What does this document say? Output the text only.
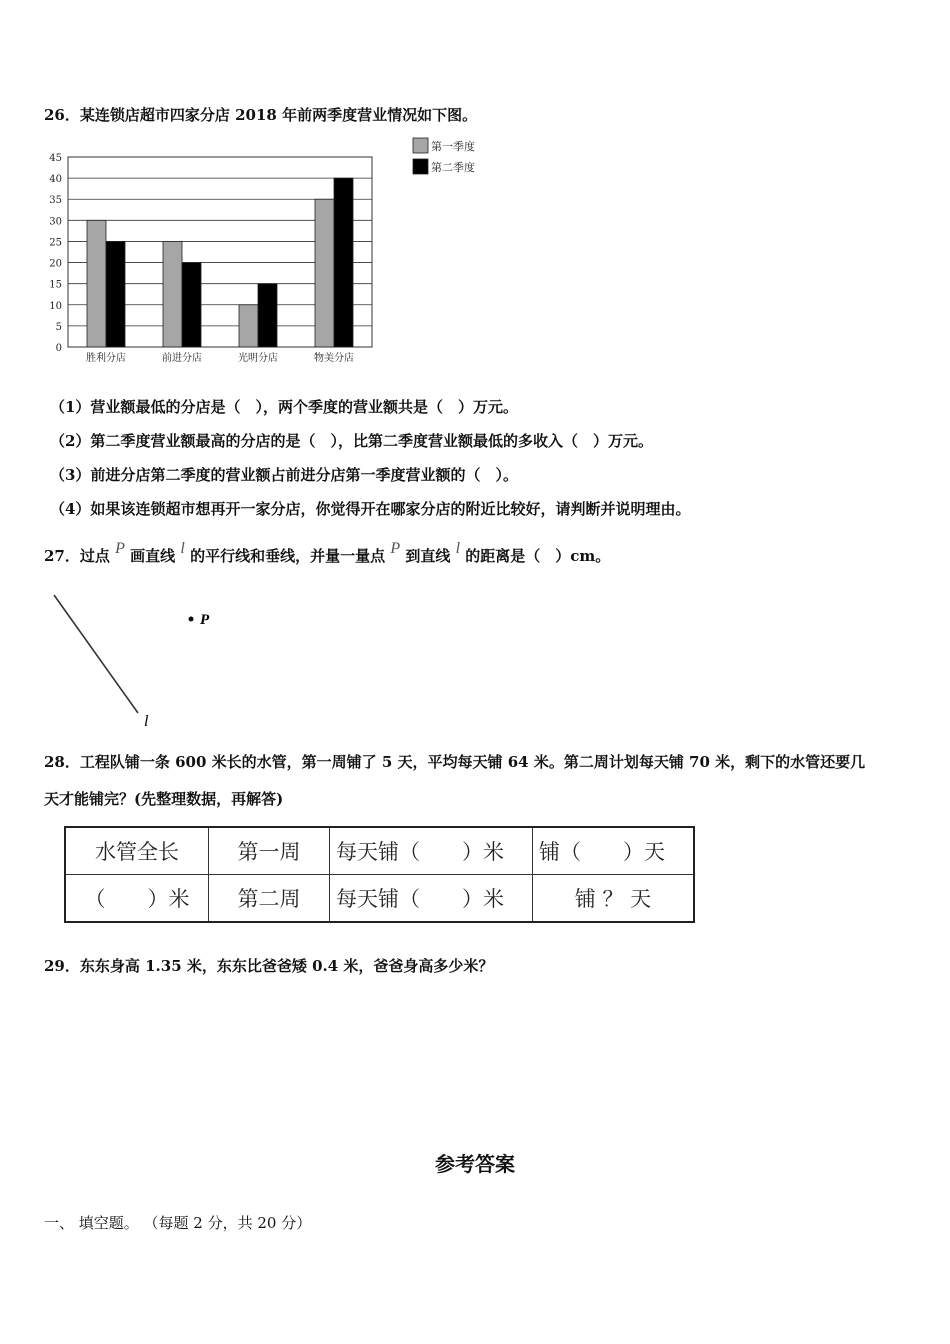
26．某连锁店超市四家分店 2018 年前两季度营业情况如下图。
0
5
10
15
20
25
30
35
40
45
胜利分店	前进分店	光明分店	物美分店
第一季度
第二季度
（1）营业额最低的分店是（　），两个季度的营业额共是（　）万元。
（2）第二季度营业额最高的分店的是（　），比第二季度营业额最低的多收入（　）万元。
（3）前进分店第二季度的营业额占前进分店第一季度营业额的（　）。
（4）如果该连锁超市想再开一家分店，你觉得开在哪家分店的附近比较好，请判断并说明理由。
27．过点 P 画直线 l 的平行线和垂线，并量一量点 P 到直线 l 的距离是（　）cm。
P
l
28．工程队铺一条 600 米长的水管，第一周铺了 5 天，平均每天铺 64 米。第二周计划每天铺 70 米，剩下的水管还要几
天才能铺完？(先整理数据，再解答)
水管全长	第一周	每天铺（　　）米	铺（　　）天
（　　）米	第二周	每天铺（　　）米	铺 ？ 天
29．东东身高 1.35 米，东东比爸爸矮 0.4 米，爸爸身高多少米？
参考答案
一、 填空题。 （每题 2 分，共 20 分）
